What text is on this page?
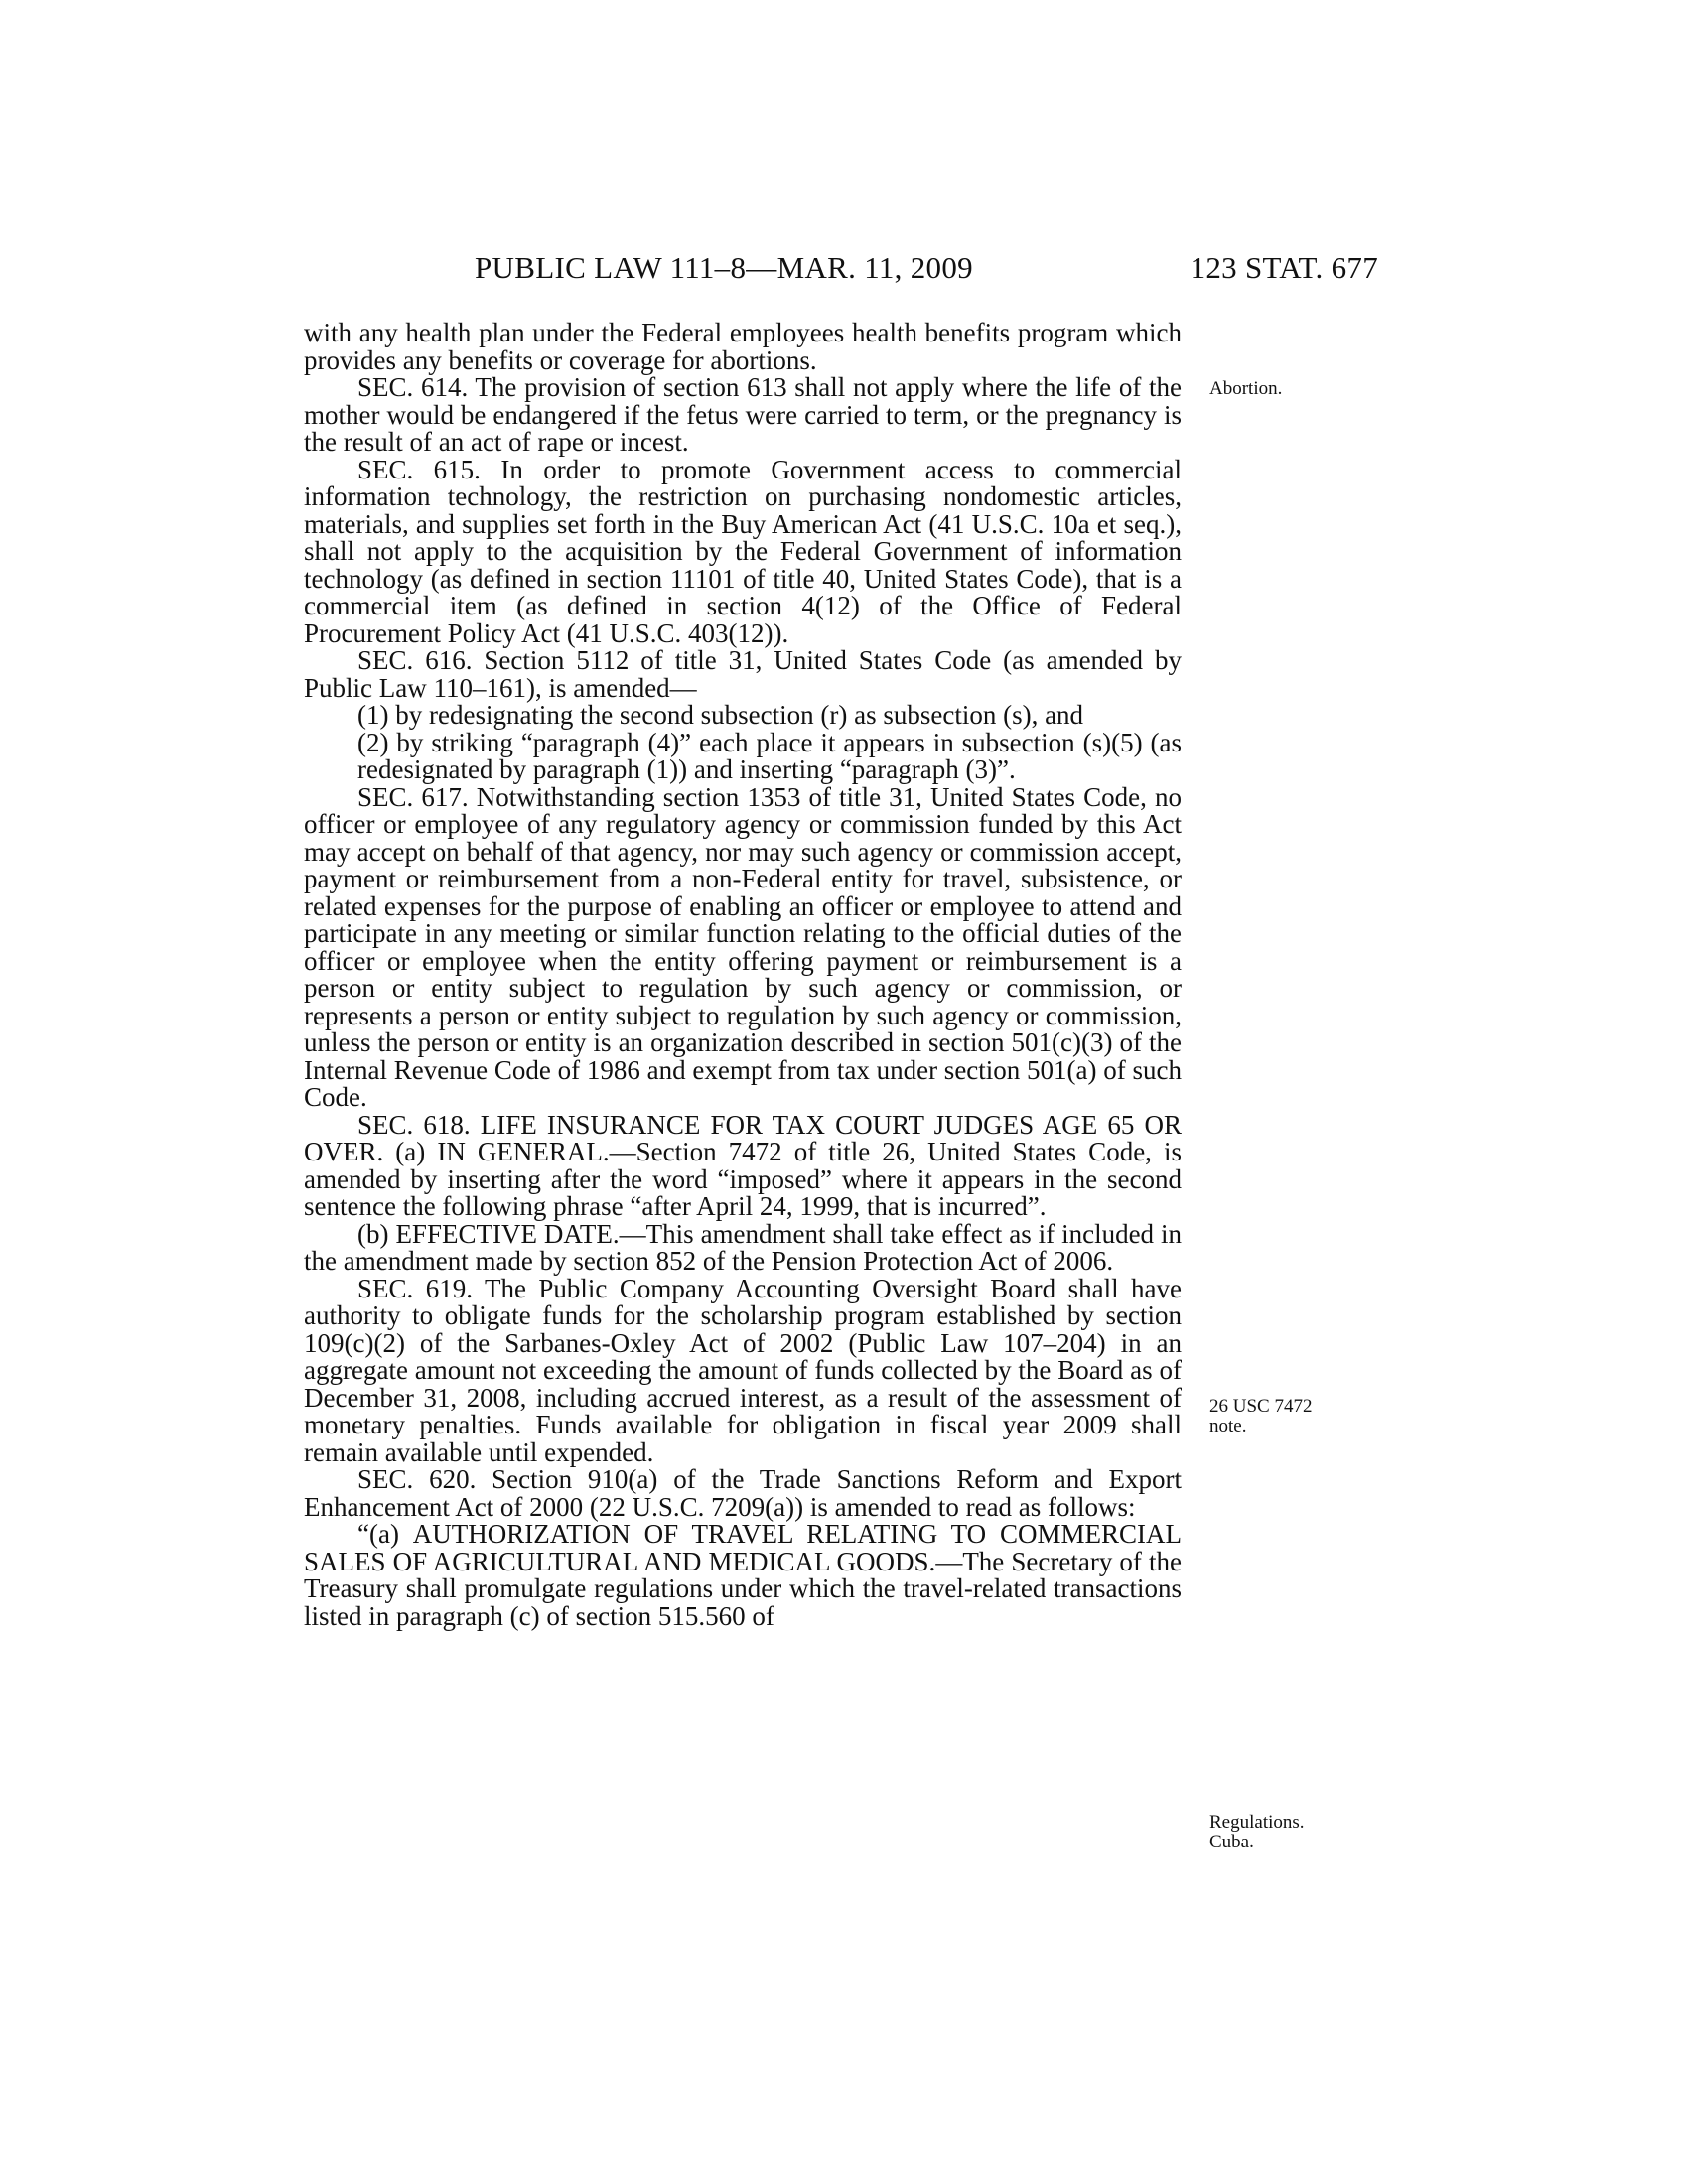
PUBLIC LAW 111–8—MAR. 11, 2009	123 STAT. 677
Abortion.
26 USC 7472
note.
Regulations.
Cuba.

with any health plan under the Federal employees health benefits program which provides any benefits or coverage for abortions.

SEC. 614. The provision of section 613 shall not apply where the life of the mother would be endangered if the fetus were carried to term, or the pregnancy is the result of an act of rape or incest.

SEC. 615. In order to promote Government access to commercial information technology, the restriction on purchasing nondomestic articles, materials, and supplies set forth in the Buy American Act (41 U.S.C. 10a et seq.), shall not apply to the acquisition by the Federal Government of information technology (as defined in section 11101 of title 40, United States Code), that is a commercial item (as defined in section 4(12) of the Office of Federal Procurement Policy Act (41 U.S.C. 403(12)).

SEC. 616. Section 5112 of title 31, United States Code (as amended by Public Law 110–161), is amended—

(1) by redesignating the second subsection (r) as subsection (s), and

(2) by striking “paragraph (4)” each place it appears in subsection (s)(5) (as redesignated by paragraph (1)) and inserting “paragraph (3)”.

SEC. 617. Notwithstanding section 1353 of title 31, United States Code, no officer or employee of any regulatory agency or commission funded by this Act may accept on behalf of that agency, nor may such agency or commission accept, payment or reimbursement from a non-Federal entity for travel, subsistence, or related expenses for the purpose of enabling an officer or employee to attend and participate in any meeting or similar function relating to the official duties of the officer or employee when the entity offering payment or reimbursement is a person or entity subject to regulation by such agency or commission, or represents a person or entity subject to regulation by such agency or commission, unless the person or entity is an organization described in section 501(c)(3) of the Internal Revenue Code of 1986 and exempt from tax under section 501(a) of such Code.

SEC. 618. LIFE INSURANCE FOR TAX COURT JUDGES AGE 65 OR OVER. (a) IN GENERAL.—Section 7472 of title 26, United States Code, is amended by inserting after the word “imposed” where it appears in the second sentence the following phrase “after April 24, 1999, that is incurred”.

(b) EFFECTIVE DATE.—This amendment shall take effect as if included in the amendment made by section 852 of the Pension Protection Act of 2006.

SEC. 619. The Public Company Accounting Oversight Board shall have authority to obligate funds for the scholarship program established by section 109(c)(2) of the Sarbanes-Oxley Act of 2002 (Public Law 107–204) in an aggregate amount not exceeding the amount of funds collected by the Board as of December 31, 2008, including accrued interest, as a result of the assessment of monetary penalties. Funds available for obligation in fiscal year 2009 shall remain available until expended.

SEC. 620. Section 910(a) of the Trade Sanctions Reform and Export Enhancement Act of 2000 (22 U.S.C. 7209(a)) is amended to read as follows:

“(a) AUTHORIZATION OF TRAVEL RELATING TO COMMERCIAL SALES OF AGRICULTURAL AND MEDICAL GOODS.—The Secretary of the Treasury shall promulgate regulations under which the travel-related transactions listed in paragraph (c) of section 515.560 of
